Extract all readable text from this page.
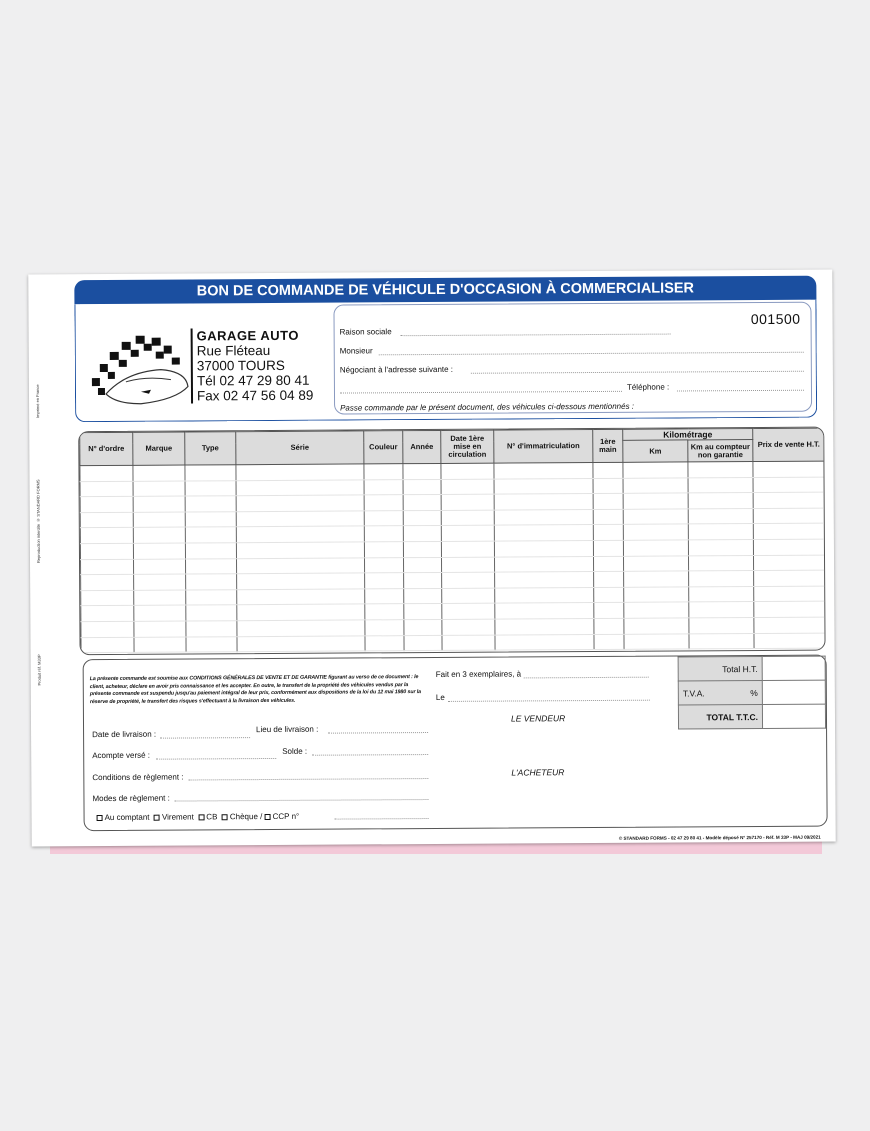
Imprimé en France
Reproduction interdite © STANDARD FORMS
Produit réf. M33P
BON DE COMMANDE DE VÉHICULE D'OCCASION À COMMERCIALISER
GARAGE AUTO
Rue Fléteau
37000 TOURS
Tél 02 47 29 80 41
Fax 02 47 56 04 89
001500
Raison sociale
Monsieur
Négociant à l'adresse suivante :
Téléphone :
Passe commande par le présent document, des véhicules ci-dessous mentionnés :
N° d'ordre	Marque	Type	Série	Couleur	Année	Date 1ère mise en circulation	N° d'immatriculation	1ère main	Kilométrage		Prix de vente H.T.
									Km	Km au compteur non garantie	

La présente commande est soumise aux CONDITIONS GÉNÉRALES DE VENTE ET DE GARANTIE figurant au verso de ce document : le client, acheteur, déclare en avoir pris connaissance et les accepter. En outre, le transfert de la propriété des véhicules vendus par la présente commande est suspendu jusqu'au paiement intégral de leur prix, conformément aux dispositions de la loi du 12 mai 1980 sur la réserve de propriété, le transfert des risques s'effectuant à la livraison des véhicules.
Date de livraison :
Lieu de livraison :
Acompte versé :	Solde :
Conditions de règlement :
Modes de règlement :
Au comptant Virement CB Chèque / CCP n°
Fait en 3 exemplaires, à
Le
LE VENDEUR
L'ACHETEUR
Total H.T.	
T.V.A. %	

TOTAL T.T.C.	
© STANDARD FORMS - 02 47 29 80 41 - Modèle déposé N° 257170 - Réf. M 33P - MAJ 09/2021
